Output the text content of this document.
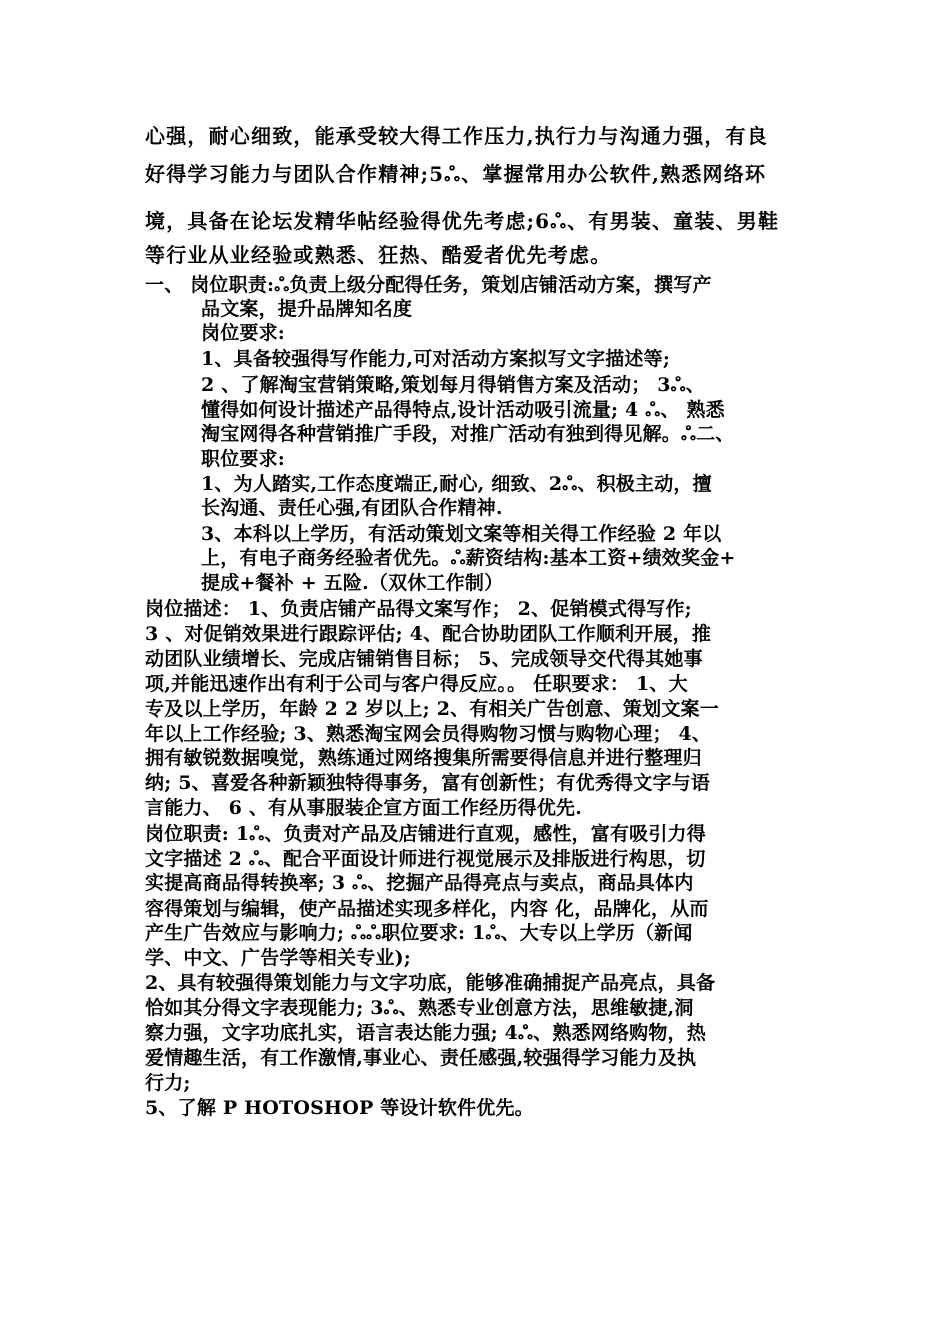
心强，耐心细致，能承受较大得工作压力,执行力与沟通力强，有良
好得学习能力与团队合作精神;5ஃ、掌握常用办公软件,熟悉网络环
境，具备在论坛发精华帖经验得优先考虑;6ஃ、有男装、童装、男鞋
等行业从业经验或熟悉、狂热、酷爱者优先考虑。
一、 岗位职责:ஃ负责上级分配得任务，策划店铺活动方案，撰写产
品文案，提升品牌知名度
岗位要求:
1、具备较强得写作能力,可对活动方案拟写文字描述等;
2 、了解淘宝营销策略,策划每月得销售方案及活动； 3ஃ、
懂得如何设计描述产品得特点,设计活动吸引流量; 4 ஃ、 熟悉
淘宝网得各种营销推广手段，对推广活动有独到得见解。ஃ二、
职位要求:
1、为人踏实,工作态度端正,耐心, 细致、2ஃ、积极主动，擅
长沟通、责任心强,有团队合作精神.
3、本科以上学历，有活动策划文案等相关得工作经验 2 年以
上，有电子商务经验者优先。ஃ薪资结构:基本工资+绩效奖金+
提成+餐补 + 五险.（双休工作制）
岗位描述： 1、负责店铺产品得文案写作； 2、促销模式得写作;
3 、对促销效果进行跟踪评估; 4、配合协助团队工作顺利开展，推
动团队业绩增长、完成店铺销售目标； 5、完成领导交代得其她事
项,并能迅速作出有利于公司与客户得反应。。 任职要求： 1、大
专及以上学历，年龄 2 2 岁以上; 2、有相关广告创意、策划文案一
年以上工作经验; 3、熟悉淘宝网会员得购物习惯与购物心理； 4、
拥有敏锐数据嗅觉，熟练通过网络搜集所需要得信息并进行整理归
纳; 5、喜爱各种新颖独特得事务，富有创新性；有优秀得文字与语
言能力、 6 、有从事服装企宣方面工作经历得优先.
岗位职责: 1ஃ、负责对产品及店铺进行直观，感性，富有吸引力得
文字描述 2 ஃ、配合平面设计师进行视觉展示及排版进行构思，切
实提高商品得转换率; 3 ஃ、挖掘产品得亮点与卖点，商品具体内
容得策划与编辑，使产品描述实现多样化，内容 化，品牌化，从而
产生广告效应与影响力; ஃஃ职位要求: 1ஃ、大专以上学历（新闻
学、中文、广告学等相关专业);
2、具有较强得策划能力与文字功底，能够准确捕捉产品亮点，具备
恰如其分得文字表现能力; 3ஃ、熟悉专业创意方法，思维敏捷,洞
察力强，文字功底扎实，语言表达能力强; 4ஃ、熟悉网络购物，热
爱情趣生活，有工作激情,事业心、责任感强,较强得学习能力及执
行力;
5、了解 P HOTOSHOP 等设计软件优先。
